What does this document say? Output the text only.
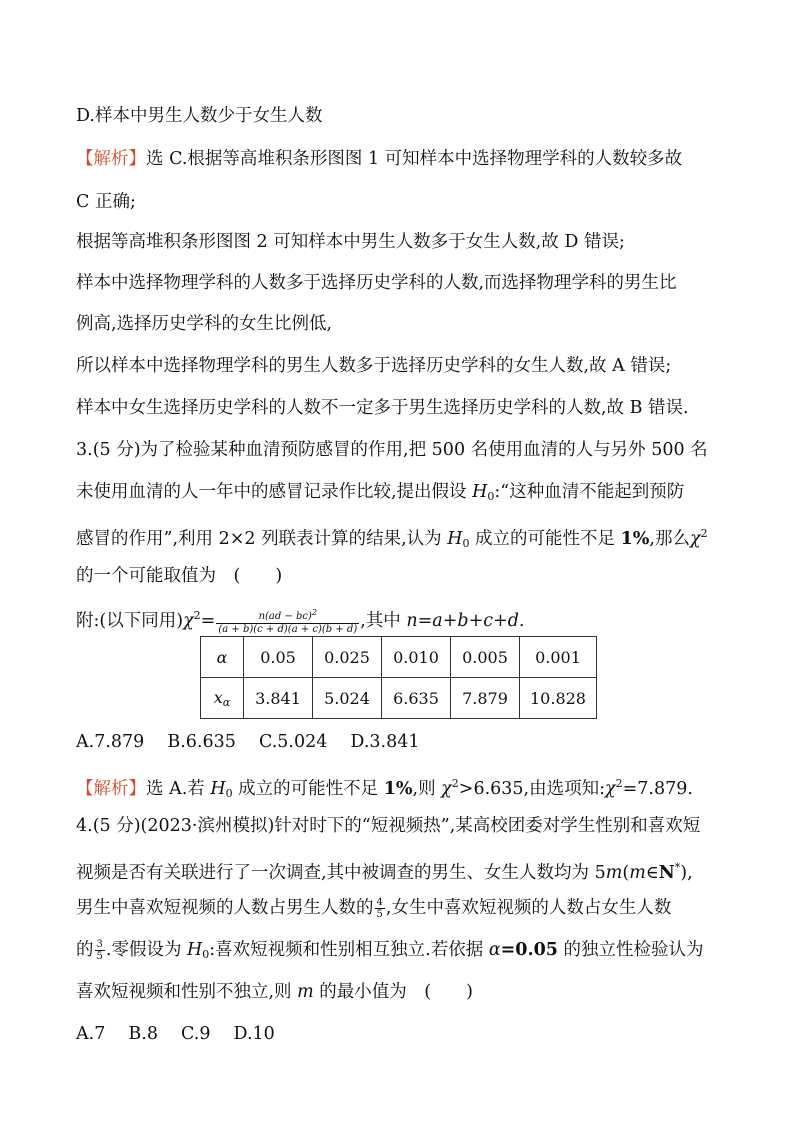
D.样本中男生人数少于女生人数
【解析】选 C.根据等高堆积条形图图 1 可知样本中选择物理学科的人数较多故
C 正确;
根据等高堆积条形图图 2 可知样本中男生人数多于女生人数,故 D 错误;
样本中选择物理学科的人数多于选择历史学科的人数,而选择物理学科的男生比
例高,选择历史学科的女生比例低,
所以样本中选择物理学科的男生人数多于选择历史学科的女生人数,故 A 错误;
样本中女生选择历史学科的人数不一定多于男生选择历史学科的人数,故 B 错误.
3.(5 分)为了检验某种血清预防感冒的作用,把 500 名使用血清的人与另外 500 名
未使用血清的人一年中的感冒记录作比较,提出假设 $H_0:“$这种血清不能起到预防
感冒的作用”,利用 2×2 列联表计算的结果,认为 $H_0$ 成立的可能性不足 1%,那么$\chi^2$
的一个可能取值为　(　　)
附:(以下同用)$\chi^2= \frac{n(ad - bc)^2}{(a + b)(c + d)(a + c)(b + d)}$ ,其中 n=a+b+c+d.
α	0.05	0.025	0.010	0.005	0.001
$x_\alpha$	3.841	5.024	6.635	7.879	10.828
A.7.879　 B.6.635　 C.5.024　 D.3.841
【解析】选 A.若 $H_0$ 成立的可能性不足 1%,则 $\chi^2>6.635$,由选项知$:\chi^2=7.879$.
4.(5 分)(2023·滨州模拟)针对时下的“短视频热”,某高校团委对学生性别和喜欢短
视频是否有关联进行了一次调查,其中被调查的男生、女生人数均为 5m(m∈N*),
男生中喜欢短视频的人数占男生人数的 $\frac{4}{5}$ ,女生中喜欢短视频的人数占女生人数
的 $\frac{3}{5}$ .零假设为 $H_0$:喜欢短视频和性别相互独立.若依据 α=0.05 的独立性检验认为
喜欢短视频和性别不独立,则 m 的最小值为　(　　)
A.7　 B.8　 C.9　 D.10
